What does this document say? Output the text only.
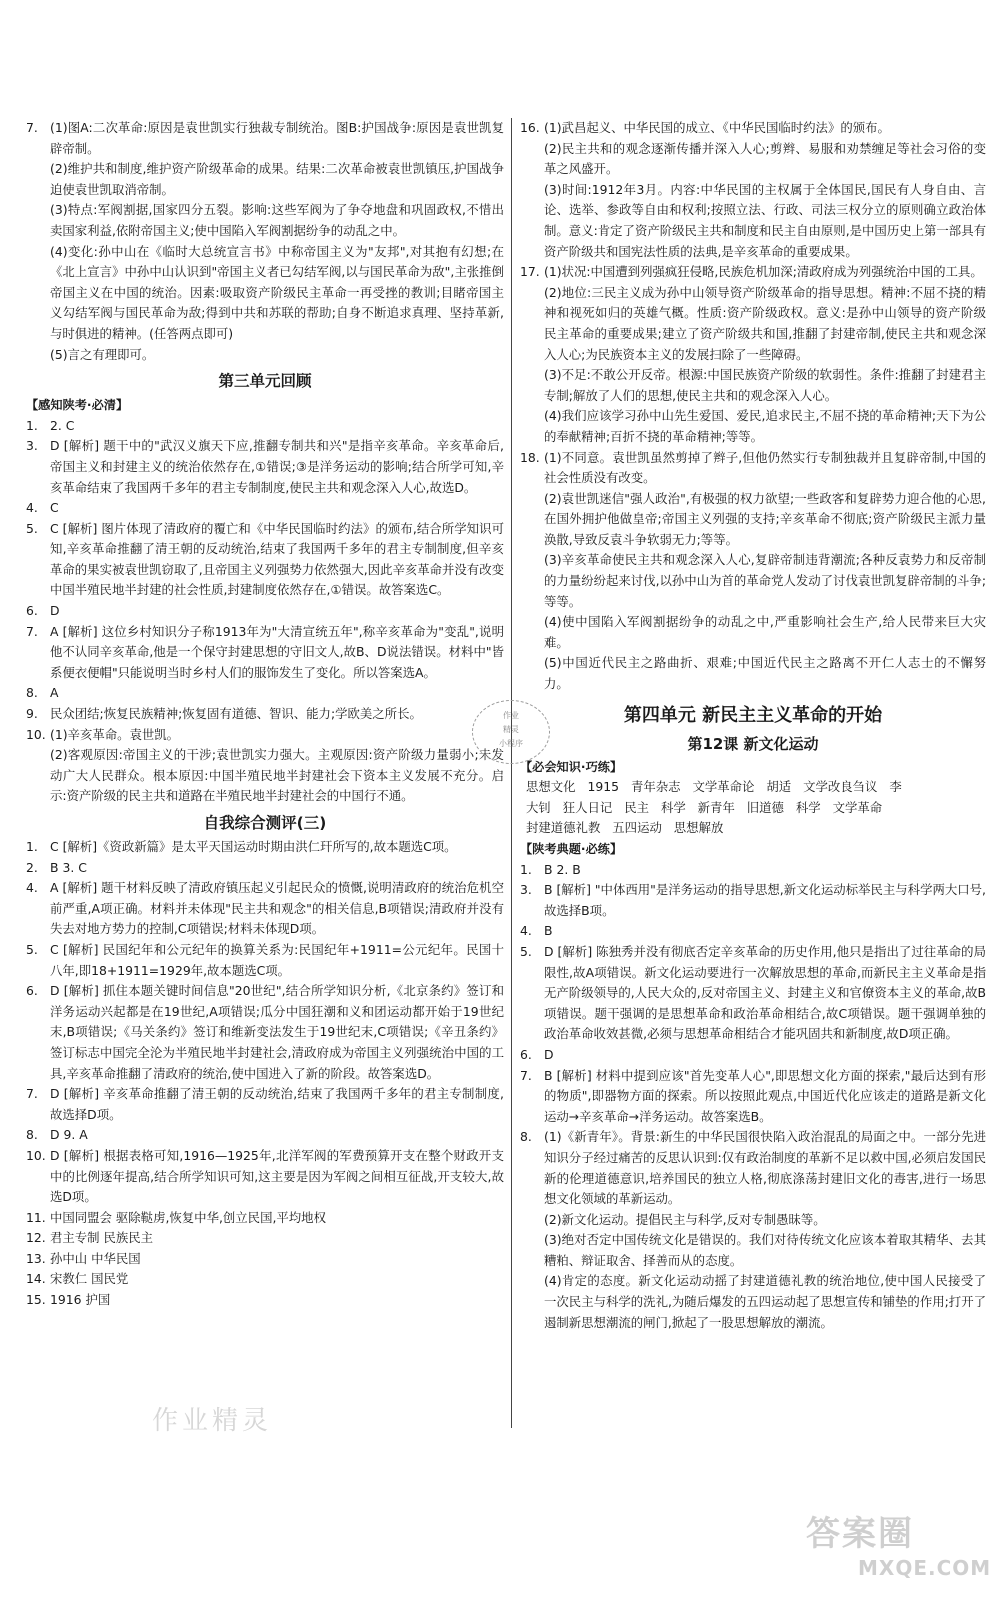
7. (1)图A:二次革命:原因是袁世凯实行独裁专制统治。图B:护国战争:原因是袁世凯复辟帝制。

(2)维护共和制度,维护资产阶级革命的成果。结果:二次革命被袁世凯镇压,护国战争迫使袁世凯取消帝制。

(3)特点:军阀割据,国家四分五裂。影响:这些军阀为了争夺地盘和巩固政权,不惜出卖国家利益,依附帝国主义;使中国陷入军阀割据纷争的动乱之中。

(4)变化:孙中山在《临时大总统宣言书》中称帝国主义为"友邦",对其抱有幻想;在《北上宣言》中孙中山认识到"帝国主义者已勾结军阀,以与国民革命为敌",主张推倒帝国主义在中国的统治。因素:吸取资产阶级民主革命一再受挫的教训;目睹帝国主义勾结军阀与国民革命为敌;得到中共和苏联的帮助;自身不断追求真理、坚持革新,与时俱进的精神。(任答两点即可)

(5)言之有理即可。

第三单元回顾

【感知陕考·必清】

1. 2. C
3. D [解析] 题干中的"武汉义旗天下应,推翻专制共和兴"是指辛亥革命。辛亥革命后,帝国主义和封建主义的统治依然存在,①错误;③是洋务运动的影响;结合所学可知,辛亥革命结束了我国两千多年的君主专制制度,使民主共和观念深入人心,故选D。
4. C
5. C [解析] 图片体现了清政府的覆亡和《中华民国临时约法》的颁布,结合所学知识可知,辛亥革命推翻了清王朝的反动统治,结束了我国两千多年的君主专制制度,但辛亥革命的果实被袁世凯窃取了,且帝国主义列强势力依然强大,因此辛亥革命并没有改变中国半殖民地半封建的社会性质,封建制度依然存在,①错误。故答案选C。
6. D
7. A [解析] 这位乡村知识分子称1913年为"大清宣统五年",称辛亥革命为"变乱",说明他不认同辛亥革命,他是一个保守封建思想的守旧文人,故B、D说法错误。材料中"皆系便衣便帽"只能说明当时乡村人们的服饰发生了变化。所以答案选A。
8. A
9. 民众团结;恢复民族精神;恢复固有道德、智识、能力;学欧美之所长。
10. (1)辛亥革命。袁世凯。

(2)客观原因:帝国主义的干涉;袁世凯实力强大。主观原因:资产阶级力量弱小;未发动广大人民群众。根本原因:中国半殖民地半封建社会下资本主义发展不充分。启示:资产阶级的民主共和道路在半殖民地半封建社会的中国行不通。

自我综合测评(三)
1. C [解析]《资政新篇》是太平天国运动时期由洪仁玕所写的,故本题选C项。
2. B 3. C
4. A [解析] 题干材料反映了清政府镇压起义引起民众的愤慨,说明清政府的统治危机空前严重,A项正确。材料并未体现"民主共和观念"的相关信息,B项错误;清政府并没有失去对地方势力的控制,C项错误;材料未体现D项。
5. C [解析] 民国纪年和公元纪年的换算关系为:民国纪年+1911=公元纪年。民国十八年,即18+1911=1929年,故本题选C项。
6. D [解析] 抓住本题关键时间信息"20世纪",结合所学知识分析,《北京条约》签订和洋务运动兴起都是在19世纪,A项错误;瓜分中国狂潮和义和团运动都开始于19世纪末,B项错误;《马关条约》签订和维新变法发生于19世纪末,C项错误;《辛丑条约》签订标志中国完全沦为半殖民地半封建社会,清政府成为帝国主义列强统治中国的工具,辛亥革命推翻了清政府的统治,使中国进入了新的阶段。故答案选D。
7. D [解析] 辛亥革命推翻了清王朝的反动统治,结束了我国两千多年的君主专制制度,故选择D项。
8. D 9. A
10. D [解析] 根据表格可知,1916—1925年,北洋军阀的军费预算开支在整个财政开支中的比例逐年提高,结合所学知识可知,这主要是因为军阀之间相互征战,开支较大,故选D项。
11. 中国同盟会 驱除鞑虏,恢复中华,创立民国,平均地权
12. 君主专制 民族民主
13. 孙中山 中华民国
14. 宋教仁 国民党
15. 1916 护国
16. (1)武昌起义、中华民国的成立、《中华民国临时约法》的颁布。

(2)民主共和的观念逐渐传播并深入人心;剪辫、易服和劝禁缠足等社会习俗的变革之风盛开。

(3)时间:1912年3月。内容:中华民国的主权属于全体国民,国民有人身自由、言论、选举、参政等自由和权利;按照立法、行政、司法三权分立的原则确立政治体制。意义:肯定了资产阶级民主共和制度和民主自由原则,是中国历史上第一部具有资产阶级共和国宪法性质的法典,是辛亥革命的重要成果。

17. (1)状况:中国遭到列强疯狂侵略,民族危机加深;清政府成为列强统治中国的工具。

(2)地位:三民主义成为孙中山领导资产阶级革命的指导思想。精神:不屈不挠的精神和视死如归的英雄气概。性质:资产阶级政权。意义:是孙中山领导的资产阶级民主革命的重要成果;建立了资产阶级共和国,推翻了封建帝制,使民主共和观念深入人心;为民族资本主义的发展扫除了一些障碍。

(3)不足:不敢公开反帝。根源:中国民族资产阶级的软弱性。条件:推翻了封建君主专制;解放了人们的思想,使民主共和的观念深入人心。

(4)我们应该学习孙中山先生爱国、爱民,追求民主,不屈不挠的革命精神;天下为公的奉献精神;百折不挠的革命精神;等等。

18. (1)不同意。袁世凯虽然剪掉了辫子,但他仍然实行专制独裁并且复辟帝制,中国的社会性质没有改变。

(2)袁世凯迷信"强人政治",有极强的权力欲望;一些政客和复辟势力迎合他的心思,在国外拥护他做皇帝;帝国主义列强的支持;辛亥革命不彻底;资产阶级民主派力量涣散,导致反袁斗争软弱无力;等等。

(3)辛亥革命使民主共和观念深入人心,复辟帝制违背潮流;各种反袁势力和反帝制的力量纷纷起来讨伐,以孙中山为首的革命党人发动了讨伐袁世凯复辟帝制的斗争;等等。

(4)使中国陷入军阀割据纷争的动乱之中,严重影响社会生产,给人民带来巨大灾难。

(5)中国近代民主之路曲折、艰难;中国近代民主之路离不开仁人志士的不懈努力。

第四单元 新民主主义革命的开始
第12课 新文化运动

【必会知识·巧练】

思想文化 1915 青年杂志 文学革命论 胡适 文学改良刍议 李

大钊 狂人日记 民主 科学 新青年 旧道德 科学 文学革命

封建道德礼教 五四运动 思想解放

【陕考典题·必练】

1. B 2. B
3. B [解析] "中体西用"是洋务运动的指导思想,新文化运动标举民主与科学两大口号,故选择B项。
4. B
5. D [解析] 陈独秀并没有彻底否定辛亥革命的历史作用,他只是指出了过往革命的局限性,故A项错误。新文化运动要进行一次解放思想的革命,而新民主主义革命是指无产阶级领导的,人民大众的,反对帝国主义、封建主义和官僚资本主义的革命,故B项错误。题干强调的是思想革命和政治革命相结合,故C项错误。题干强调单独的政治革命收效甚微,必须与思想革命相结合才能巩固共和新制度,故D项正确。
6. D
7. B [解析] 材料中提到应该"首先变革人心",即思想文化方面的探索,"最后达到有形的物质",即器物方面的探索。所以按照此观点,中国近代化应该走的道路是新文化运动→辛亥革命→洋务运动。故答案选B。
8. (1)《新青年》。背景:新生的中华民国很快陷入政治混乱的局面之中。一部分先进知识分子经过痛苦的反思认识到:仅有政治制度的革新不足以救中国,必须启发国民新的伦理道德意识,培养国民的独立人格,彻底涤荡封建旧文化的毒害,进行一场思想文化领域的革新运动。

(2)新文化运动。提倡民主与科学,反对专制愚昧等。

(3)绝对否定中国传统文化是错误的。我们对待传统文化应该本着取其精华、去其糟粕、辩证取舍、择善而从的态度。

(4)肯定的态度。新文化运动动摇了封建道德礼教的统治地位,使中国人民接受了一次民主与科学的洗礼,为随后爆发的五四运动起了思想宣传和铺垫的作用;打开了遏制新思想潮流的闸门,掀起了一股思想解放的潮流。

作业
精灵
小程序
作业精灵
答案圈
MXQE.COM
